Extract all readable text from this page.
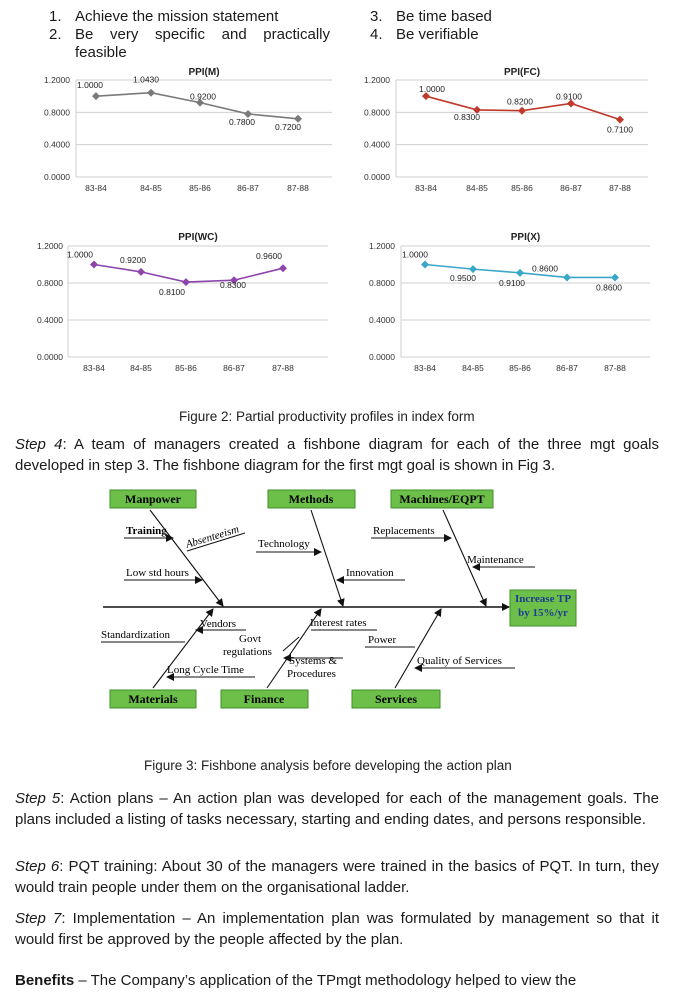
1. Achieve the mission statement
2. Be very specific and practically
feasible
3. Be time based
4. Be verifiable
PPI(M)
0.0000
0.4000
0.8000
1.2000
83-84	84-85	85-86	86-87	87-88
1.0000
1.0430
0.9200
0.7800 0.7200
PPI(FC)
0.0000
0.4000
0.8000
1.2000
83-84	84-85	85-86	86-87	87-88
1.0000
0.8300
0.8200
0.9100
0.7100
PPI(WC)
0.0000
0.4000
0.8000
1.2000
83-84	84-85	85-86	86-87	87-88
1.0000
0.9200
0.8100
0.8300
0.9600
PPI(X)
0.0000
0.4000
0.8000
1.2000
83-84	84-85	85-86	86-87	87-88
1.0000
0.9500	0.9100
0.8600
0.8600
Figure 2: Partial productivity profiles in index form
Step 4: A team of managers created a fishbone diagram for each of the three mgt goals developed in step 3. The fishbone diagram for the first mgt goal is shown in Fig 3.
Manpower	Methods	Machines/EQPT
Materials	Finance	Services
Increase TP
by 15%/yr
Training Absenteeism
Low std hours
Technology
Innovation
Replacements
Maintenance
Vendors
Standardization
Long Cycle Time
Govt
regulations
Systems &
Procedures
Interest rates
Power
Quality of Services
Figure 3: Fishbone analysis before developing the action plan
Step 5: Action plans – An action plan was developed for each of the management goals. The plans included a listing of tasks necessary, starting and ending dates, and persons responsible.
Step 6: PQT training: About 30 of the managers were trained in the basics of PQT. In turn, they would train people under them on the organisational ladder.
Step 7: Implementation – An implementation plan was formulated by management so that it would first be approved by the people affected by the plan.
Benefits – The Company’s application of the TPmgt methodology helped to view the
